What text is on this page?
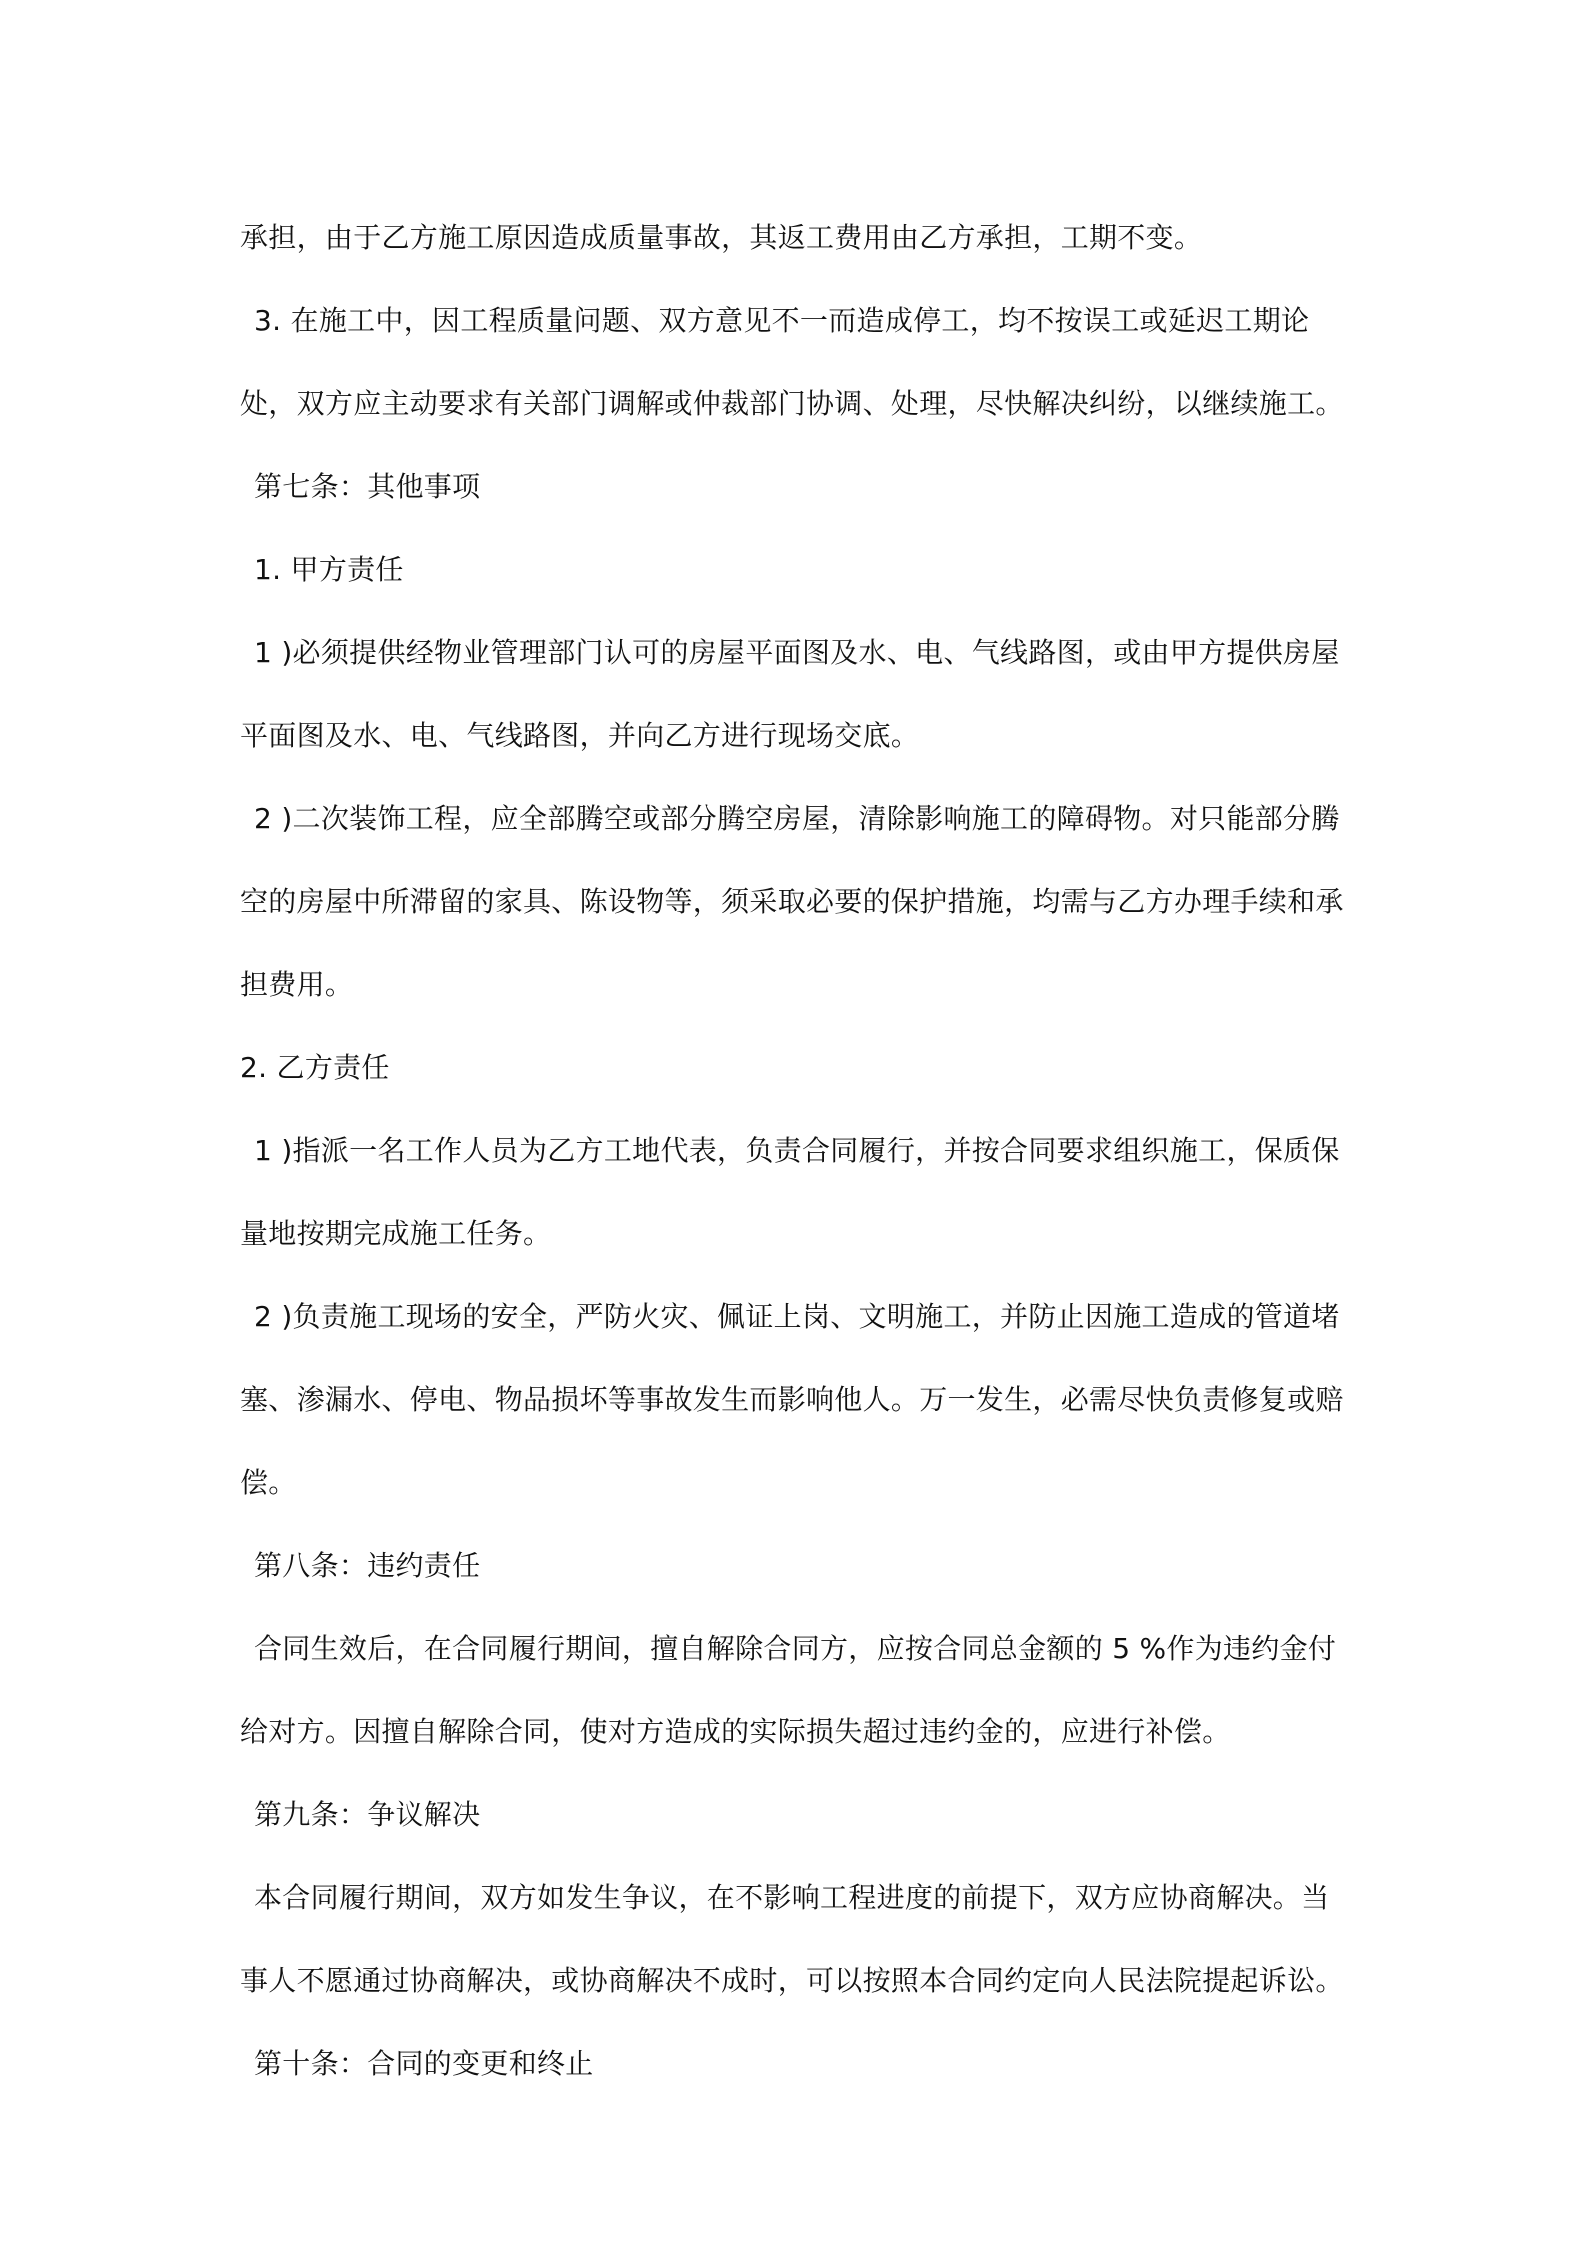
承担，由于乙方施工原因造成质量事故，其返工费用由乙方承担，工期不变。

3. 在施工中，因工程质量问题、双方意见不一而造成停工，均不按误工或延迟工期论处，双方应主动要求有关部门调解或仲裁部门协调、处理，尽快解决纠纷，以继续施工。

第七条：其他事项

1. 甲方责任

1 )必须提供经物业管理部门认可的房屋平面图及水、电、气线路图，或由甲方提供房屋平面图及水、电、气线路图，并向乙方进行现场交底。

2 )二次装饰工程，应全部腾空或部分腾空房屋，清除影响施工的障碍物。对只能部分腾空的房屋中所滞留的家具、陈设物等，须采取必要的保护措施，均需与乙方办理手续和承担费用。

2. 乙方责任

1 )指派一名工作人员为乙方工地代表，负责合同履行，并按合同要求组织施工，保质保量地按期完成施工任务。

2 )负责施工现场的安全，严防火灾、佩证上岗、文明施工，并防止因施工造成的管道堵塞、渗漏水、停电、物品损坏等事故发生而影响他人。万一发生，必需尽快负责修复或赔偿。

第八条：违约责任

合同生效后，在合同履行期间，擅自解除合同方，应按合同总金额的 5 %作为违约金付给对方。因擅自解除合同，使对方造成的实际损失超过违约金的，应进行补偿。

第九条：争议解决

本合同履行期间，双方如发生争议，在不影响工程进度的前提下，双方应协商解决。当事人不愿通过协商解决，或协商解决不成时，可以按照本合同约定向人民法院提起诉讼。

第十条：合同的变更和终止
